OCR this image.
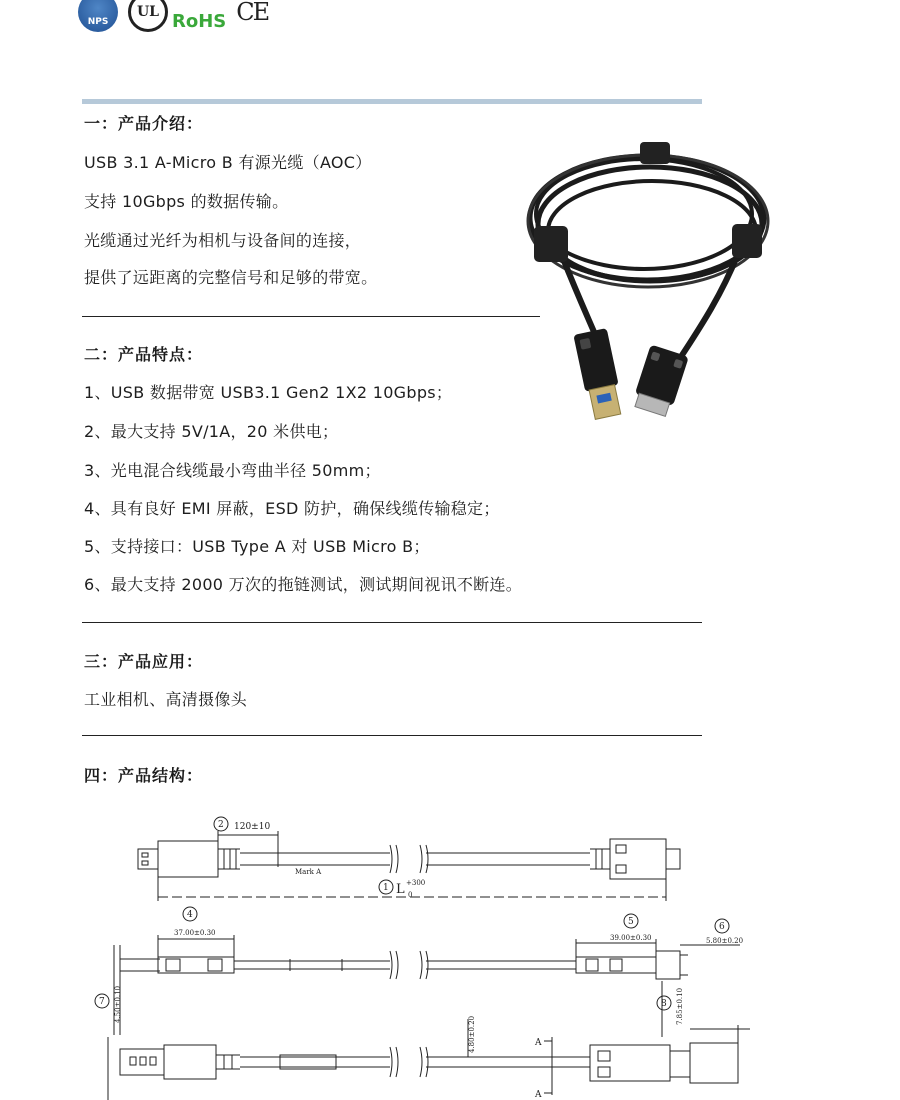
NPS
UL RoHS CE
一：产品介绍：
USB 3.1 A-Micro B 有源光缆（AOC）
支持 10Gbps 的数据传输。
光缆通过光纤为相机与设备间的连接，
提供了远距离的完整信号和足够的带宽。
二：产品特点：
1、USB 数据带宽 USB3.1 Gen2 1X2 10Gbps；
2、最大支持 5V/1A，20 米供电；
3、光电混合线缆最小弯曲半径 50mm；
4、具有良好 EMI 屏蔽，ESD 防护，确保线缆传输稳定；
5、支持接口：USB Type A 对 USB Micro B；
6、最大支持 2000 万次的拖链测试，测试期间视讯不断连。
三：产品应用：
工业相机、高清摄像头
四：产品结构：
2 120±10
Mark A
1 L +300
0
4
37.00±0.30
5
39.00±0.30
6
5.80±0.20
7 4.50±0.10	8 7.85±0.10
4.80±0.20	A
A
